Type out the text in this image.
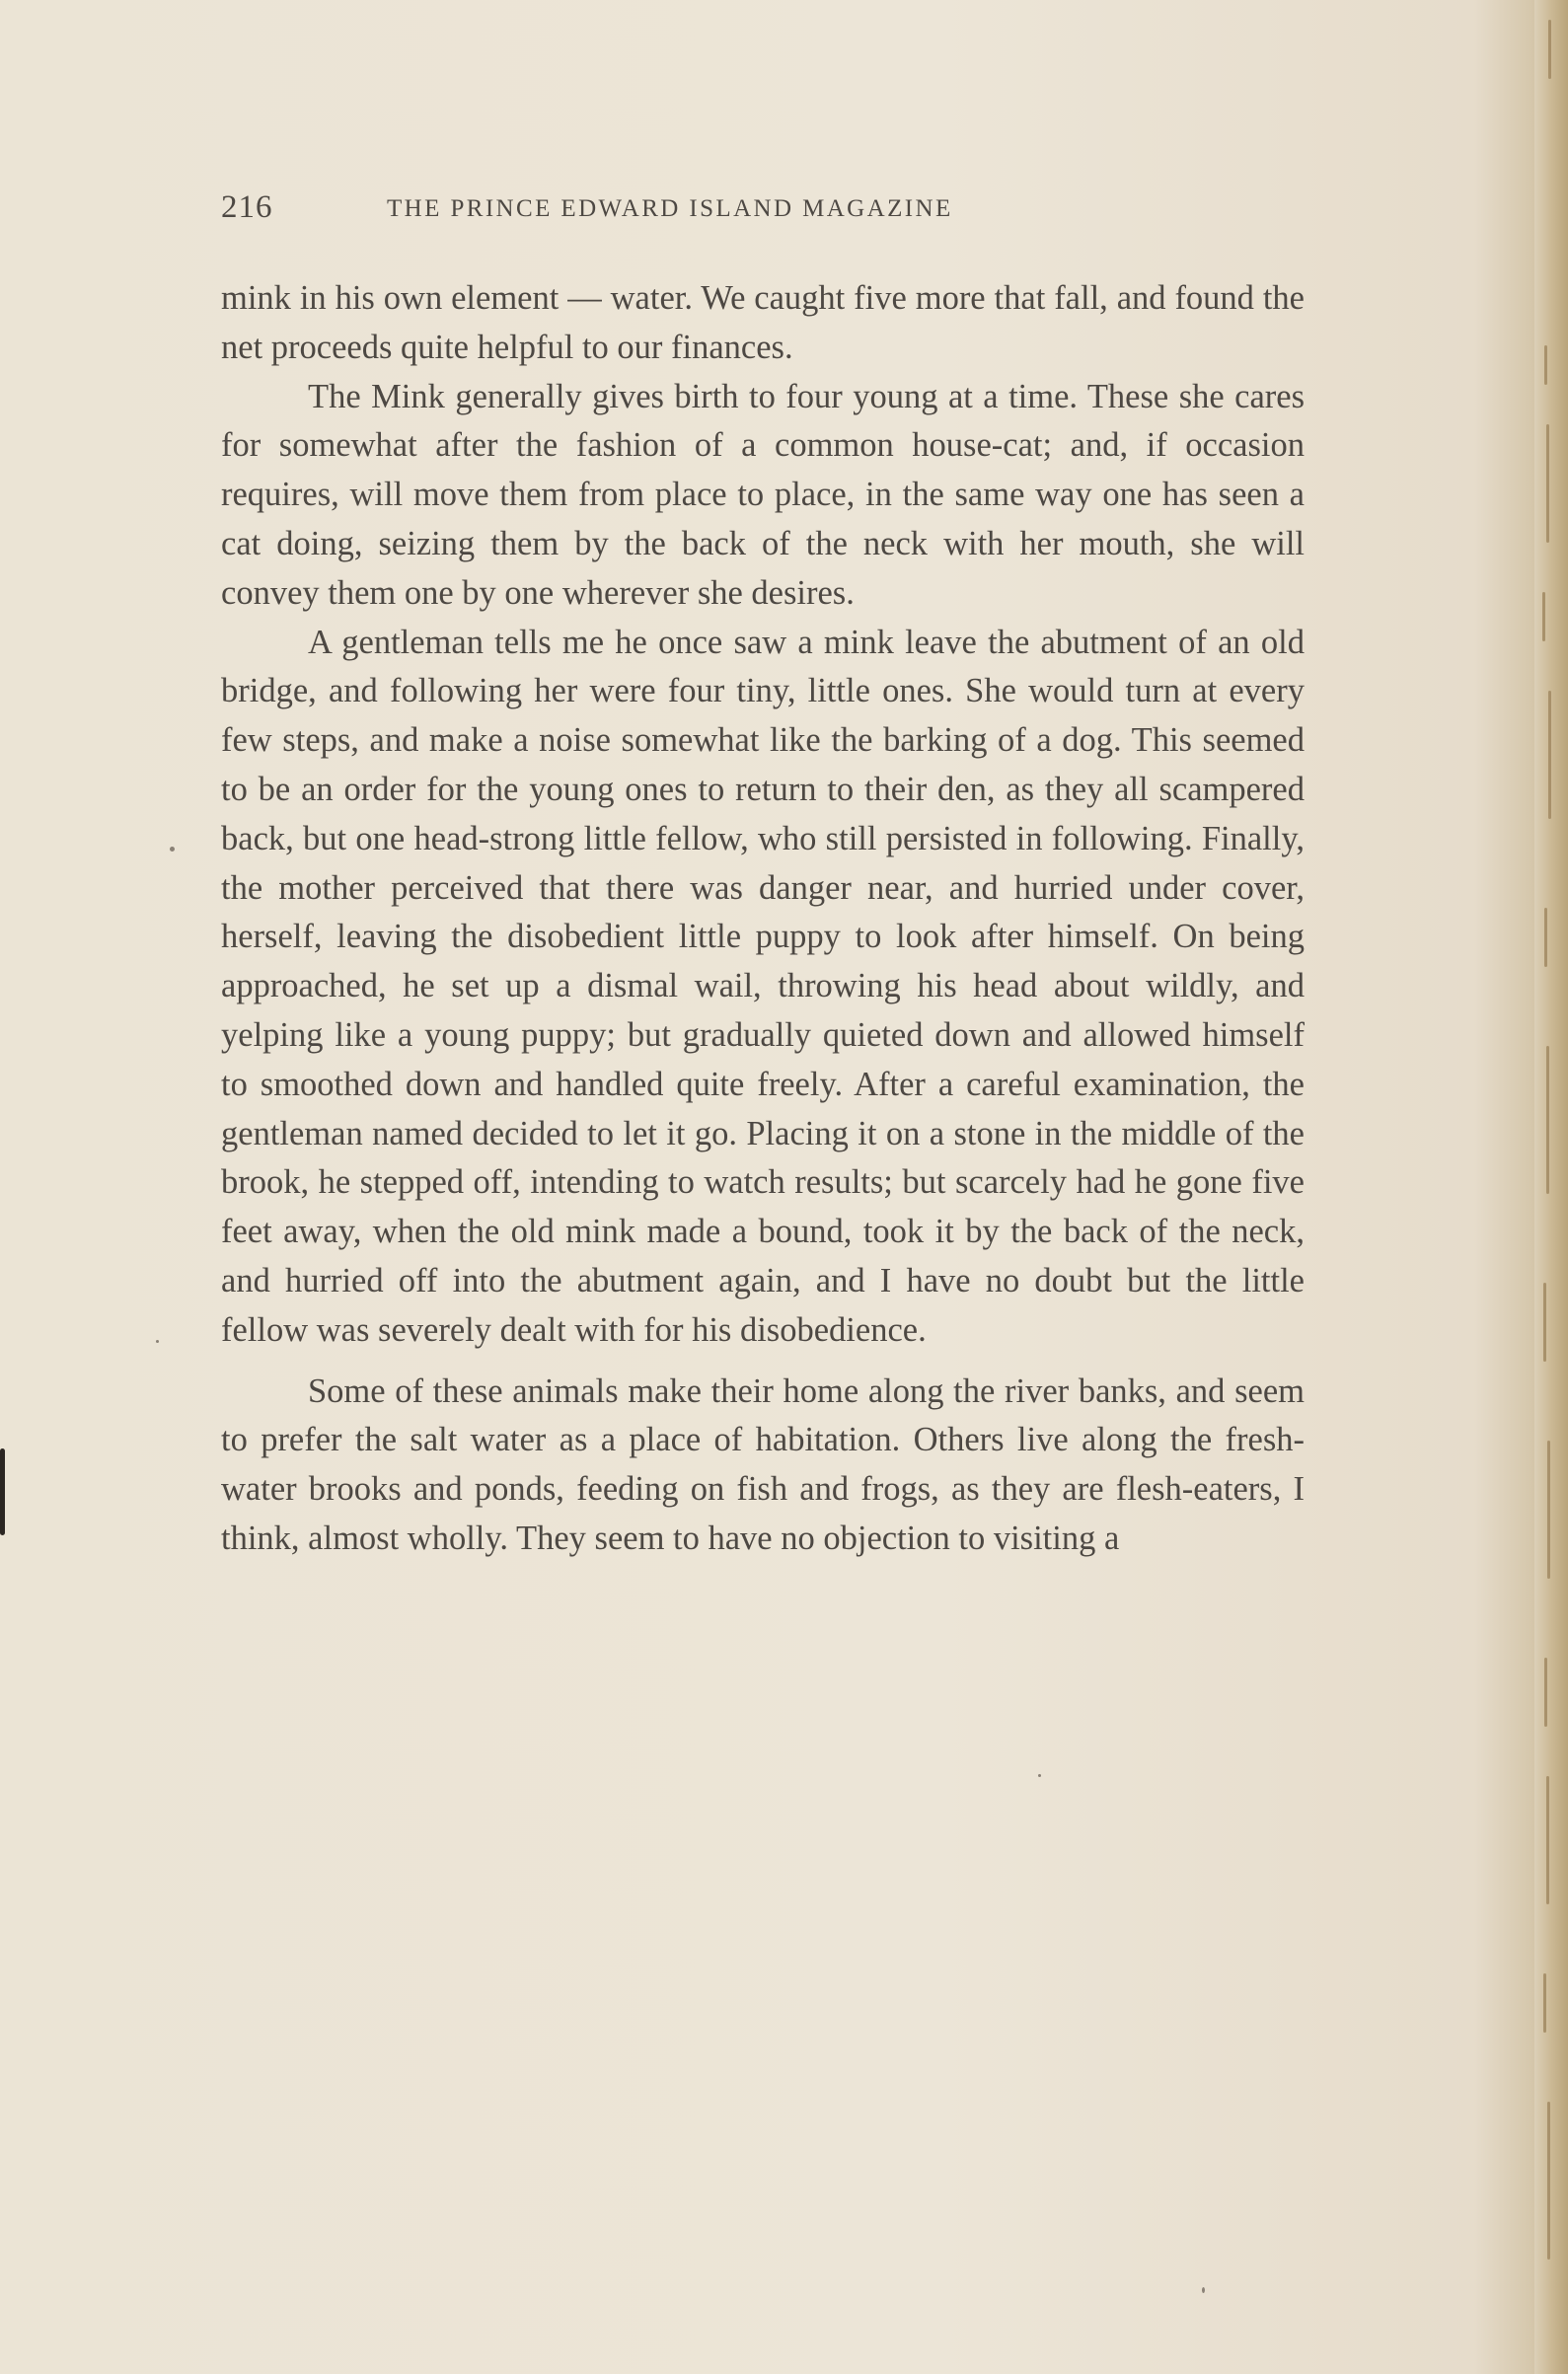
216	THE PRINCE EDWARD ISLAND MAGAZINE

mink in his own element — water. We caught five more that fall, and found the net proceeds quite helpful to our finances.

The Mink generally gives birth to four young at a time. These she cares for somewhat after the fashion of a common house-cat; and, if occasion requires, will move them from place to place, in the same way one has seen a cat doing, seizing them by the back of the neck with her mouth, she will convey them one by one wherever she desires.

A gentleman tells me he once saw a mink leave the abutment of an old bridge, and following her were four tiny, little ones. She would turn at every few steps, and make a noise somewhat like the barking of a dog. This seemed to be an order for the young ones to return to their den, as they all scampered back, but one head-strong little fellow, who still persisted in following. Finally, the mother perceived that there was danger near, and hurried under cover, herself, leaving the disobedient little puppy to look after himself. On being approached, he set up a dismal wail, throwing his head about wildly, and yelping like a young puppy; but gradually quieted down and allowed himself to smoothed down and handled quite freely. After a careful examination, the gentleman named decided to let it go. Placing it on a stone in the middle of the brook, he stepped off, intending to watch results; but scarcely had he gone five feet away, when the old mink made a bound, took it by the back of the neck, and hurried off into the abutment again, and I have no doubt but the little fellow was severely dealt with for his disobedience.

Some of these animals make their home along the river banks, and seem to prefer the salt water as a place of habitation. Others live along the fresh-water brooks and ponds, feeding on fish and frogs, as they are flesh-eaters, I think, almost wholly. They seem to have no objection to visiting a
